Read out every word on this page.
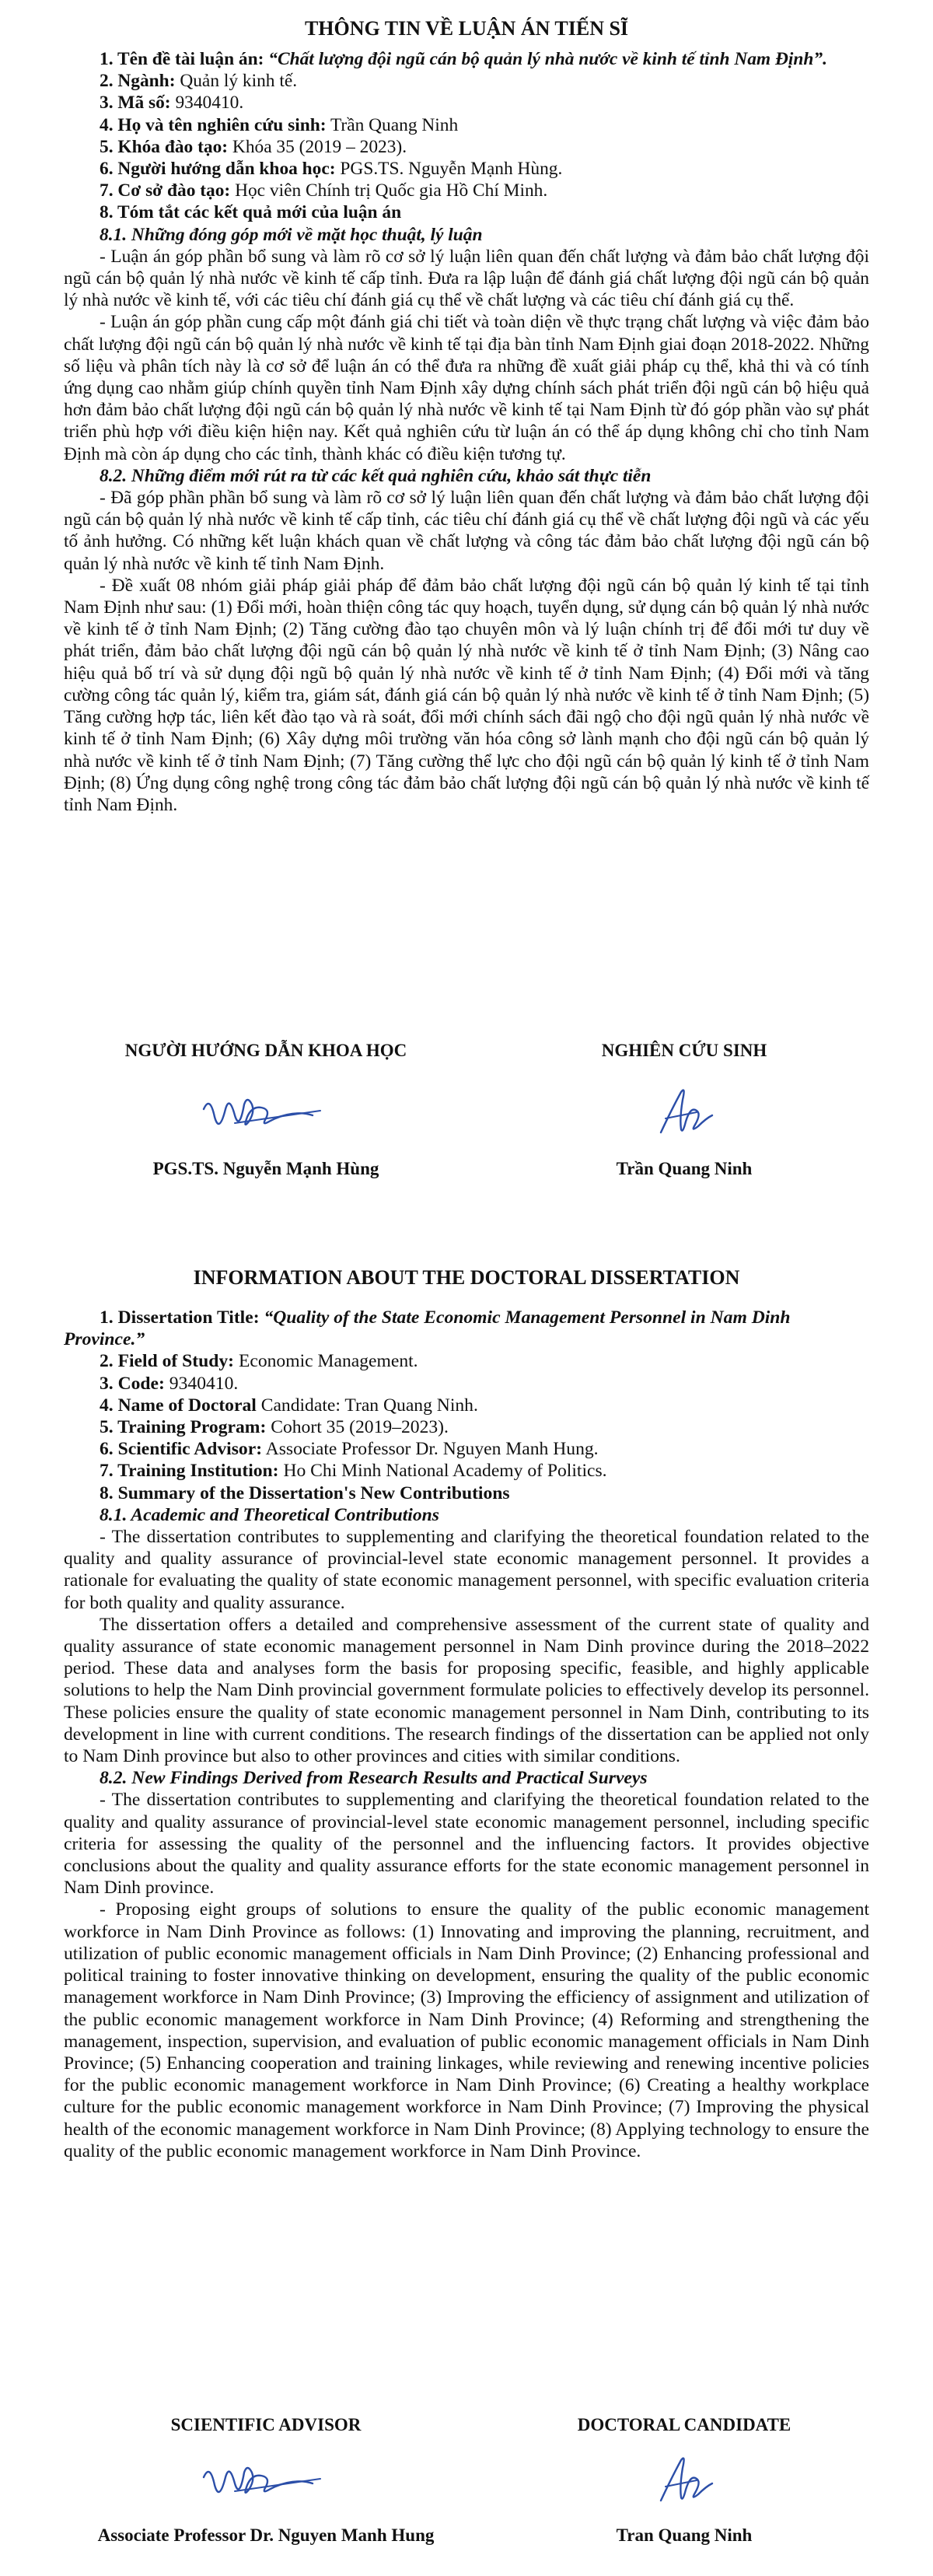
THÔNG TIN VỀ LUẬN ÁN TIẾN SĨ

1. Tên đề tài luận án: “Chất lượng đội ngũ cán bộ quản lý nhà nước về kinh tế tỉnh Nam Định”.

2. Ngành: Quản lý kinh tế.

3. Mã số: 9340410.

4. Họ và tên nghiên cứu sinh: Trần Quang Ninh

5. Khóa đào tạo: Khóa 35 (2019 – 2023).

6. Người hướng dẫn khoa học: PGS.TS. Nguyễn Mạnh Hùng.

7. Cơ sở đào tạo: Học viên Chính trị Quốc gia Hồ Chí Minh.

8. Tóm tắt các kết quả mới của luận án

8.1. Những đóng góp mới về mặt học thuật, lý luận

- Luận án góp phần bổ sung và làm rõ cơ sở lý luận liên quan đến chất lượng và đảm bảo chất lượng đội ngũ cán bộ quản lý nhà nước về kinh tế cấp tỉnh. Đưa ra lập luận để đánh giá chất lượng đội ngũ cán bộ quản lý nhà nước về kinh tế, với các tiêu chí đánh giá cụ thể về chất lượng và các tiêu chí đánh giá cụ thể.

- Luận án góp phần cung cấp một đánh giá chi tiết và toàn diện về thực trạng chất lượng và việc đảm bảo chất lượng đội ngũ cán bộ quản lý nhà nước về kinh tế tại địa bàn tỉnh Nam Định giai đoạn 2018-2022. Những số liệu và phân tích này là cơ sở để luận án có thể đưa ra những đề xuất giải pháp cụ thể, khả thi và có tính ứng dụng cao nhằm giúp chính quyền tỉnh Nam Định xây dựng chính sách phát triển đội ngũ cán bộ hiệu quả hơn đảm bảo chất lượng đội ngũ cán bộ quản lý nhà nước về kinh tế tại Nam Định từ đó góp phần vào sự phát triển phù hợp với điều kiện hiện nay. Kết quả nghiên cứu từ luận án có thể áp dụng không chỉ cho tỉnh Nam Định mà còn áp dụng cho các tỉnh, thành khác có điều kiện tương tự.

8.2. Những điểm mới rút ra từ các kết quả nghiên cứu, khảo sát thực tiễn

- Đã góp phần phần bổ sung và làm rõ cơ sở lý luận liên quan đến chất lượng và đảm bảo chất lượng đội ngũ cán bộ quản lý nhà nước về kinh tế cấp tỉnh, các tiêu chí đánh giá cụ thể về chất lượng đội ngũ và các yếu tố ảnh hưởng. Có những kết luận khách quan về chất lượng và công tác đảm bảo chất lượng đội ngũ cán bộ quản lý nhà nước về kinh tế tỉnh Nam Định.

- Đề xuất 08 nhóm giải pháp giải pháp để đảm bảo chất lượng đội ngũ cán bộ quản lý kinh tế tại tỉnh Nam Định như sau: (1) Đổi mới, hoàn thiện công tác quy hoạch, tuyển dụng, sử dụng cán bộ quản lý nhà nước về kinh tế ở tỉnh Nam Định; (2) Tăng cường đào tạo chuyên môn và lý luận chính trị để đổi mới tư duy về phát triển, đảm bảo chất lượng đội ngũ cán bộ quản lý nhà nước về kinh tế ở tỉnh Nam Định; (3) Nâng cao hiệu quả bố trí và sử dụng đội ngũ bộ quản lý nhà nước về kinh tế ở tỉnh Nam Định; (4) Đổi mới và tăng cường công tác quản lý, kiểm tra, giám sát, đánh giá cán bộ quản lý nhà nước về kinh tế ở tỉnh Nam Định; (5) Tăng cường hợp tác, liên kết đào tạo và rà soát, đổi mới chính sách đãi ngộ cho đội ngũ quản lý nhà nước về kinh tế ở tỉnh Nam Định; (6) Xây dựng môi trường văn hóa công sở lành mạnh cho đội ngũ cán bộ quản lý nhà nước về kinh tế ở tỉnh Nam Định; (7) Tăng cường thể lực cho đội ngũ cán bộ quản lý kinh tế ở tỉnh Nam Định; (8) Ứng dụng công nghệ trong công tác đảm bảo chất lượng đội ngũ cán bộ quản lý nhà nước về kinh tế tỉnh Nam Định.

NGƯỜI HƯỚNG DẪN KHOA HỌC
PGS.TS. Nguyễn Mạnh Hùng
NGHIÊN CỨU SINH
Trần Quang Ninh
INFORMATION ABOUT THE DOCTORAL DISSERTATION

1. Dissertation Title: “Quality of the State Economic Management Personnel in Nam Dinh Province.”

2. Field of Study: Economic Management.

3. Code: 9340410.

4. Name of Doctoral Candidate: Tran Quang Ninh.

5. Training Program: Cohort 35 (2019–2023).

6. Scientific Advisor: Associate Professor Dr. Nguyen Manh Hung.

7. Training Institution: Ho Chi Minh National Academy of Politics.

8. Summary of the Dissertation's New Contributions

8.1. Academic and Theoretical Contributions

- The dissertation contributes to supplementing and clarifying the theoretical foundation related to the quality and quality assurance of provincial-level state economic management personnel. It provides a rationale for evaluating the quality of state economic management personnel, with specific evaluation criteria for both quality and quality assurance.

The dissertation offers a detailed and comprehensive assessment of the current state of quality and quality assurance of state economic management personnel in Nam Dinh province during the 2018–2022 period. These data and analyses form the basis for proposing specific, feasible, and highly applicable solutions to help the Nam Dinh provincial government formulate policies to effectively develop its personnel. These policies ensure the quality of state economic management personnel in Nam Dinh, contributing to its development in line with current conditions. The research findings of the dissertation can be applied not only to Nam Dinh province but also to other provinces and cities with similar conditions.

8.2. New Findings Derived from Research Results and Practical Surveys

- The dissertation contributes to supplementing and clarifying the theoretical foundation related to the quality and quality assurance of provincial-level state economic management personnel, including specific criteria for assessing the quality of the personnel and the influencing factors. It provides objective conclusions about the quality and quality assurance efforts for the state economic management personnel in Nam Dinh province.

- Proposing eight groups of solutions to ensure the quality of the public economic management workforce in Nam Dinh Province as follows: (1) Innovating and improving the planning, recruitment, and utilization of public economic management officials in Nam Dinh Province; (2) Enhancing professional and political training to foster innovative thinking on development, ensuring the quality of the public economic management workforce in Nam Dinh Province; (3) Improving the efficiency of assignment and utilization of the public economic management workforce in Nam Dinh Province; (4) Reforming and strengthening the management, inspection, supervision, and evaluation of public economic management officials in Nam Dinh Province; (5) Enhancing cooperation and training linkages, while reviewing and renewing incentive policies for the public economic management workforce in Nam Dinh Province; (6) Creating a healthy workplace culture for the public economic management workforce in Nam Dinh Province; (7) Improving the physical health of the economic management workforce in Nam Dinh Province; (8) Applying technology to ensure the quality of the public economic management workforce in Nam Dinh Province.

SCIENTIFIC ADVISOR
Associate Professor Dr. Nguyen Manh Hung
DOCTORAL CANDIDATE
Tran Quang Ninh
